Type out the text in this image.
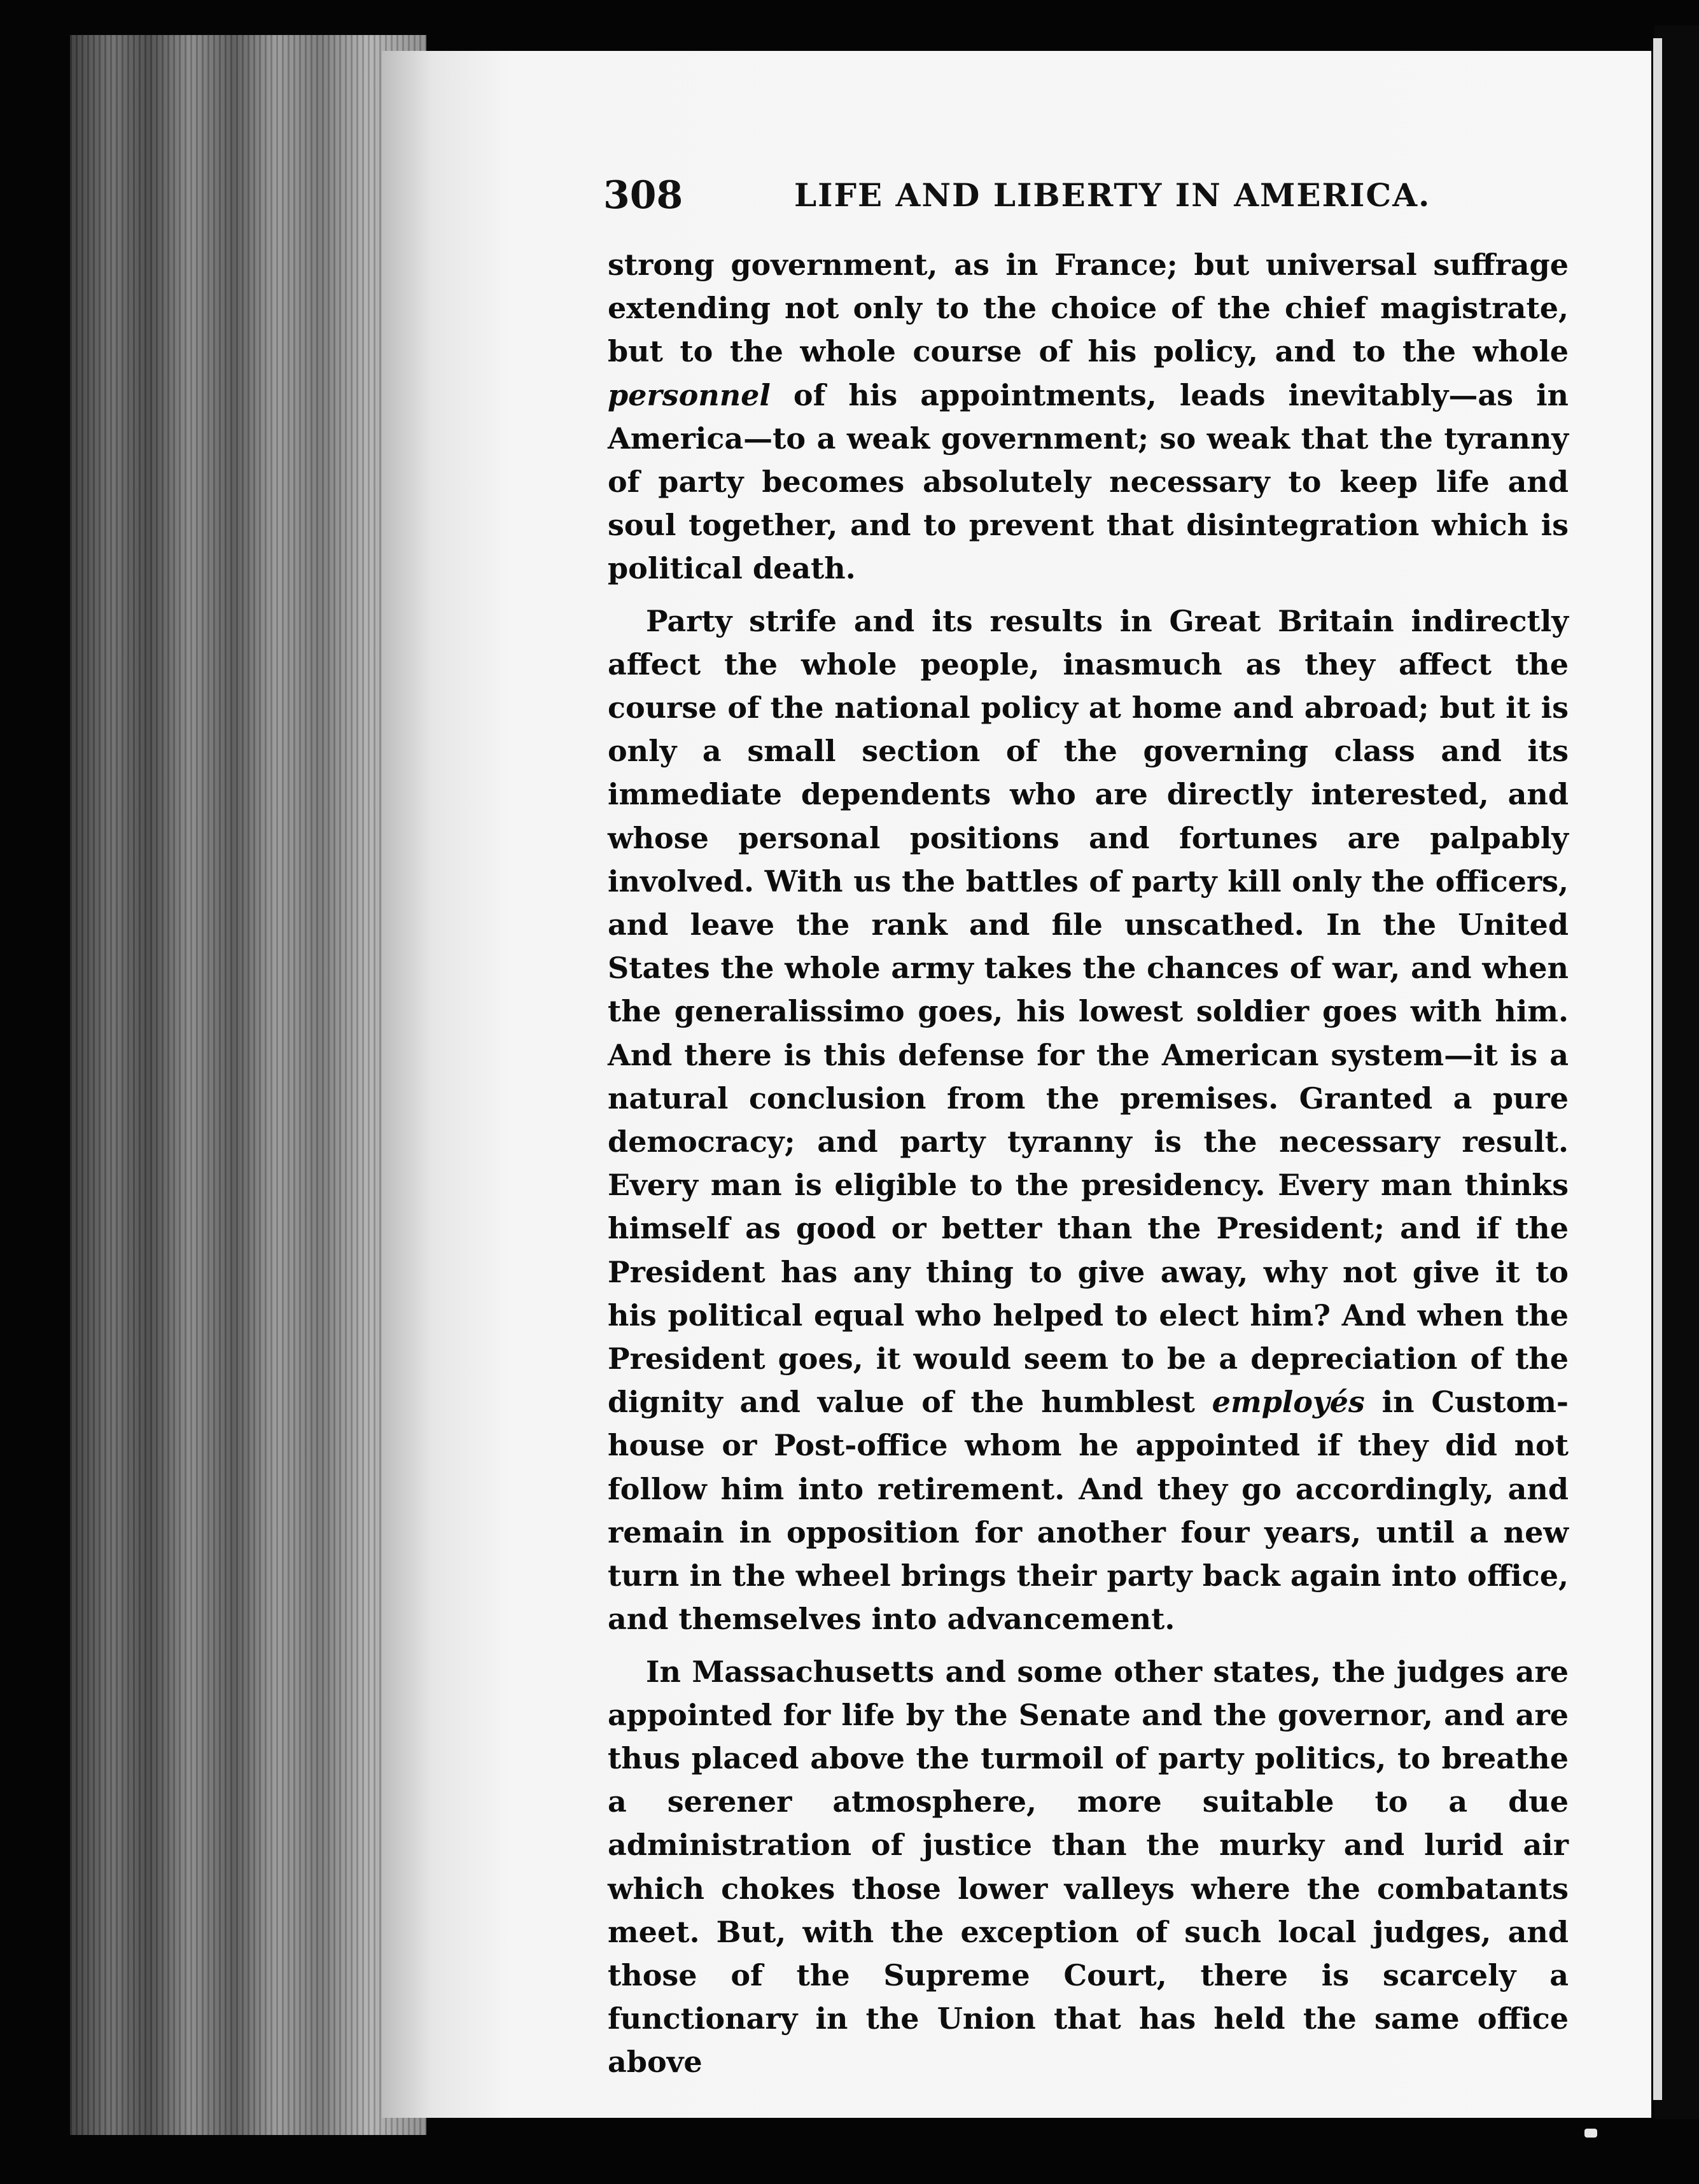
308	LIFE AND LIBERTY IN AMERICA.

strong government, as in France; but universal suffrage extending not only to the choice of the chief magistrate, but to the whole course of his policy, and to the whole personnel of his appointments, leads inevitably—as in America—to a weak government; so weak that the tyranny of party becomes absolutely necessary to keep life and soul together, and to prevent that disintegration which is political death.

Party strife and its results in Great Britain indirectly affect the whole people, inasmuch as they affect the course of the national policy at home and abroad; but it is only a small section of the governing class and its immediate dependents who are directly interested, and whose personal positions and fortunes are palpably involved. With us the battles of party kill only the officers, and leave the rank and file unscathed. In the United States the whole army takes the chances of war, and when the generalissimo goes, his lowest soldier goes with him. And there is this defense for the American system—it is a natural conclusion from the premises. Granted a pure democracy; and party tyranny is the necessary result. Every man is eligible to the presidency. Every man thinks himself as good or better than the President; and if the President has any thing to give away, why not give it to his political equal who helped to elect him? And when the President goes, it would seem to be a depreciation of the dignity and value of the humblest employés in Custom-house or Post-office whom he appointed if they did not follow him into retirement. And they go accordingly, and remain in opposition for another four years, until a new turn in the wheel brings their party back again into office, and themselves into advancement.

In Massachusetts and some other states, the judges are appointed for life by the Senate and the governor, and are thus placed above the turmoil of party politics, to breathe a serener atmosphere, more suitable to a due administration of justice than the murky and lurid air which chokes those lower valleys where the combatants meet. But, with the exception of such local judges, and those of the Supreme Court, there is scarcely a functionary in the Union that has held the same office above
